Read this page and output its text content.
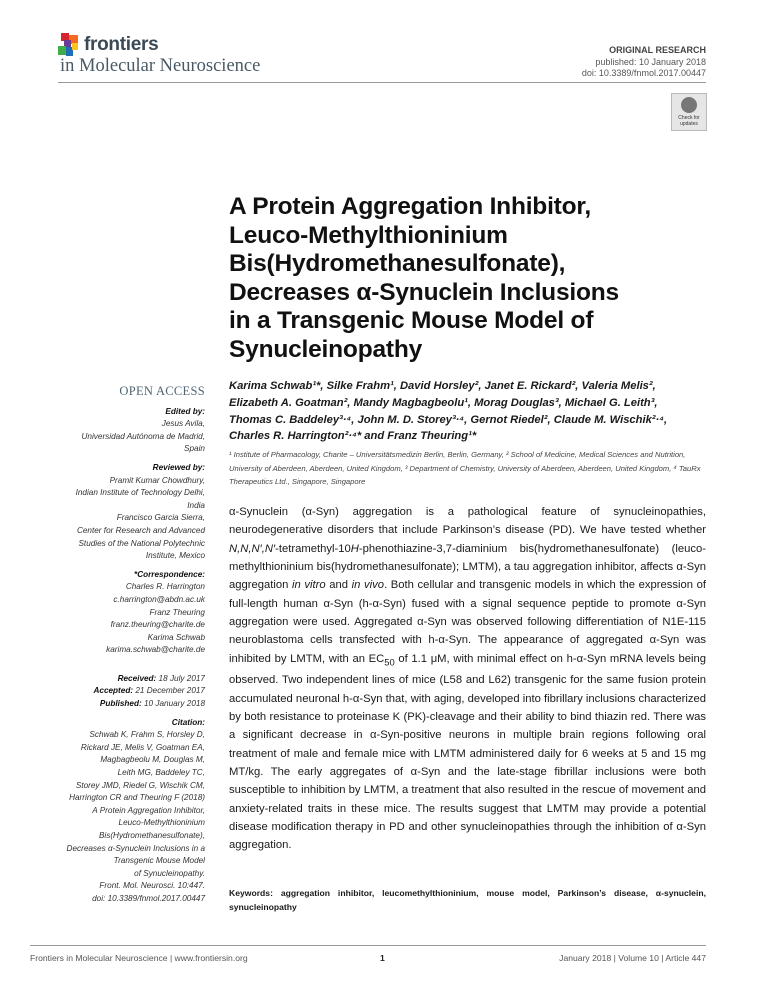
frontiers
in Molecular Neuroscience
ORIGINAL RESEARCH
published: 10 January 2018
doi: 10.3389/fnmol.2017.00447
Check for updates
A Protein Aggregation Inhibitor,
Leuco-Methylthioninium
Bis(Hydromethanesulfonate),
Decreases α-Synuclein Inclusions
in a Transgenic Mouse Model of
Synucleinopathy
Karima Schwab¹*, Silke Frahm¹, David Horsley², Janet E. Rickard², Valeria Melis²,
Elizabeth A. Goatman², Mandy Magbagbeolu¹, Morag Douglas³, Michael G. Leith³,
Thomas C. Baddeley³·⁴, John M. D. Storey³·⁴, Gernot Riedel², Claude M. Wischik²·⁴,
Charles R. Harrington²·⁴* and Franz Theuring¹*
¹ Institute of Pharmacology, Charite – Universitätsmedizin Berlin, Berlin, Germany, ² School of Medicine, Medical Sciences and Nutrition, University of Aberdeen, Aberdeen, United Kingdom, ³ Department of Chemistry, University of Aberdeen, Aberdeen, United Kingdom, ⁴ TauRx Therapeutics Ltd., Singapore, Singapore
α-Synuclein (α-Syn) aggregation is a pathological feature of synucleinopathies, neurodegenerative disorders that include Parkinson’s disease (PD). We have tested whether N,N,N′,N′-tetramethyl-10H-phenothiazine-3,7-diaminium bis(hydromethanesulfonate) (leuco-methylthioninium bis(hydromethanesulfonate); LMTM), a tau aggregation inhibitor, affects α-Syn aggregation in vitro and in vivo. Both cellular and transgenic models in which the expression of full-length human α-Syn (h-α-Syn) fused with a signal sequence peptide to promote α-Syn aggregation were used. Aggregated α-Syn was observed following differentiation of N1E-115 neuroblastoma cells transfected with h-α-Syn. The appearance of aggregated α-Syn was inhibited by LMTM, with an $EC_{50}$ of 1.1 μM, with minimal effect on h-α-Syn mRNA levels being observed. Two independent lines of mice (L58 and L62) transgenic for the same fusion protein accumulated neuronal h-α-Syn that, with aging, developed into fibrillary inclusions characterized by both resistance to proteinase K (PK)-cleavage and their ability to bind thiazin red. There was a significant decrease in α-Syn-positive neurons in multiple brain regions following oral treatment of male and female mice with LMTM administered daily for 6 weeks at 5 and 15 mg MT/kg. The early aggregates of α-Syn and the late-stage fibrillar inclusions were both susceptible to inhibition by LMTM, a treatment that also resulted in the rescue of movement and anxiety-related traits in these mice. The results suggest that LMTM may provide a potential disease modification therapy in PD and other synucleinopathies through the inhibition of α-Syn aggregation.
Keywords: aggregation inhibitor, leucomethylthioninium, mouse model, Parkinson’s disease, α-synuclein, synucleinopathy
OPEN ACCESS
Edited by:
Jesus Avila,
Universidad Autónoma de Madrid,
Spain
Reviewed by:
Pramit Kumar Chowdhury,
Indian Institute of Technology Delhi,
India
Francisco Garcia Sierra,
Center for Research and Advanced
Studies of the National Polytechnic
Institute, Mexico
*Correspondence:
Charles R. Harrington
c.harrington@abdn.ac.uk
Franz Theuring
franz.theuring@charite.de
Karima Schwab
karima.schwab@charite.de
Received: 18 July 2017
Accepted: 21 December 2017
Published: 10 January 2018
Citation:
Schwab K, Frahm S, Horsley D,
Rickard JE, Melis V, Goatman EA,
Magbagbeolu M, Douglas M,
Leith MG, Baddeley TC,
Storey JMD, Riedel G, Wischik CM,
Harrington CR and Theuring F (2018)
A Protein Aggregation Inhibitor,
Leuco-Methylthioninium
Bis(Hydromethanesulfonate),
Decreases α-Synuclein Inclusions in a
Transgenic Mouse Model
of Synucleinopathy.
Front. Mol. Neurosci. 10:447.
doi: 10.3389/fnmol.2017.00447
Frontiers in Molecular Neuroscience | www.frontiersin.org	1	January 2018 | Volume 10 | Article 447
